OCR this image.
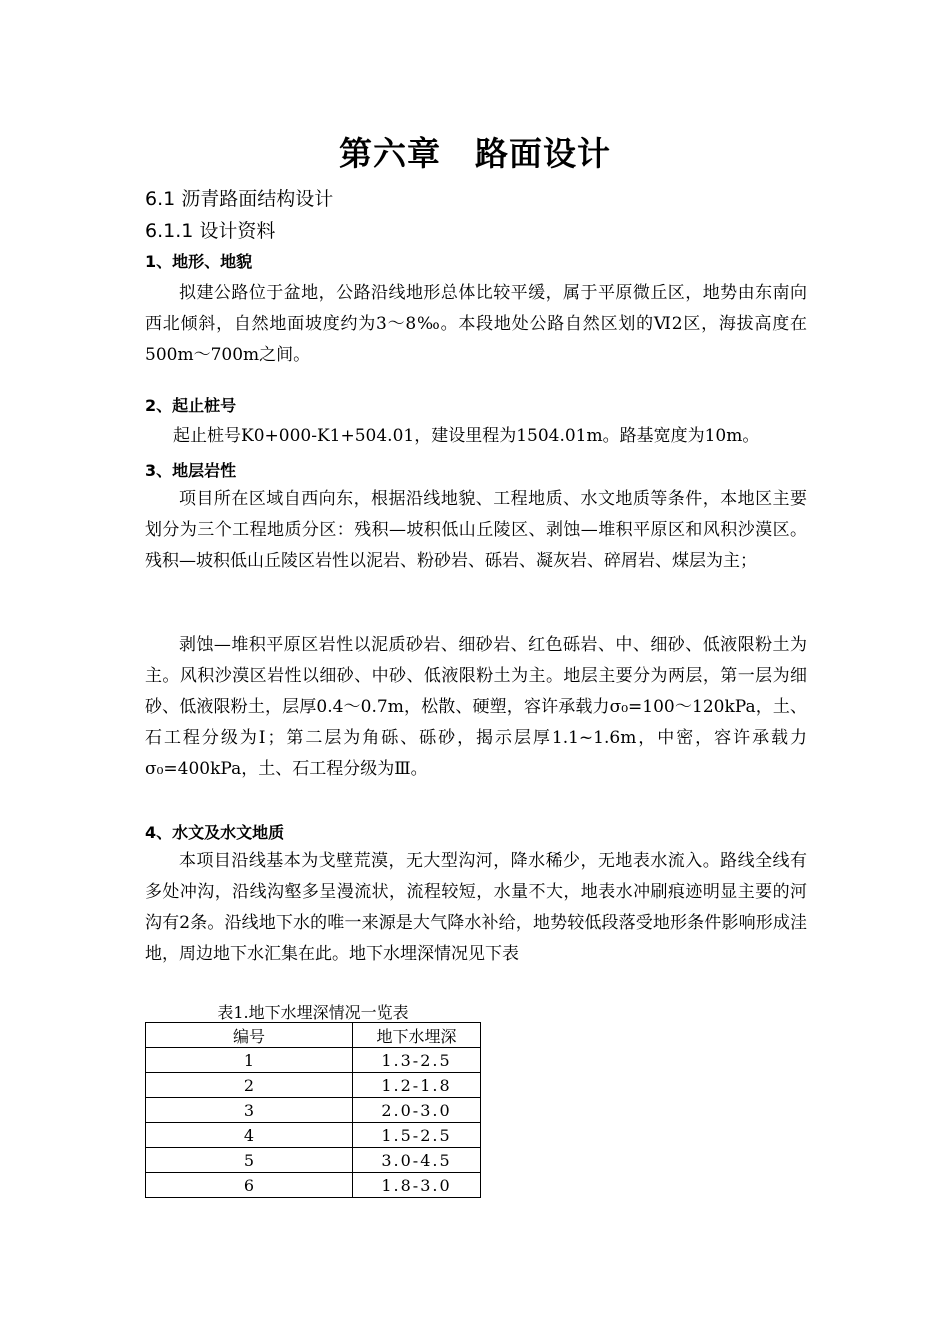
第六章　路面设计
6.1 沥青路面结构设计
6.1.1 设计资料
1、地形、地貌

拟建公路位于盆地，公路沿线地形总体比较平缓，属于平原微丘区，地势由东南向西北倾斜，自然地面坡度约为3～8‰。本段地处公路自然区划的Ⅵ2区，海拔高度在500m～700m之间。

2、起止桩号

起止桩号K0+000-K1+504.01，建设里程为1504.01m。路基宽度为10m。

3、地层岩性

项目所在区域自西向东，根据沿线地貌、工程地质、水文地质等条件，本地区主要划分为三个工程地质分区：残积—坡积低山丘陵区、剥蚀—堆积平原区和风积沙漠区。残积—坡积低山丘陵区岩性以泥岩、粉砂岩、砾岩、凝灰岩、碎屑岩、煤层为主；

剥蚀—堆积平原区岩性以泥质砂岩、细砂岩、红色砾岩、中、细砂、低液限粉土为主。风积沙漠区岩性以细砂、中砂、低液限粉土为主。地层主要分为两层，第一层为细砂、低液限粉土，层厚0.4～0.7m，松散、硬塑，容许承载力σ₀=100～120kPa，土、石工程分级为Ⅰ；第二层为角砾、砾砂，揭示层厚1.1~1.6m，中密，容许承载力σ₀=400kPa，土、石工程分级为Ⅲ。

4、水文及水文地质

本项目沿线基本为戈壁荒漠，无大型沟河，降水稀少，无地表水流入。路线全线有多处冲沟，沿线沟壑多呈漫流状，流程较短，水量不大，地表水冲刷痕迹明显主要的河沟有2条。沿线地下水的唯一来源是大气降水补给，地势较低段落受地形条件影响形成洼地，周边地下水汇集在此。地下水埋深情况见下表

表1.地下水埋深情况一览表
编号	地下水埋深
1	1.3-2.5
2	1.2-1.8
3	2.0-3.0
4	1.5-2.5
5	3.0-4.5
6	1.8-3.0
